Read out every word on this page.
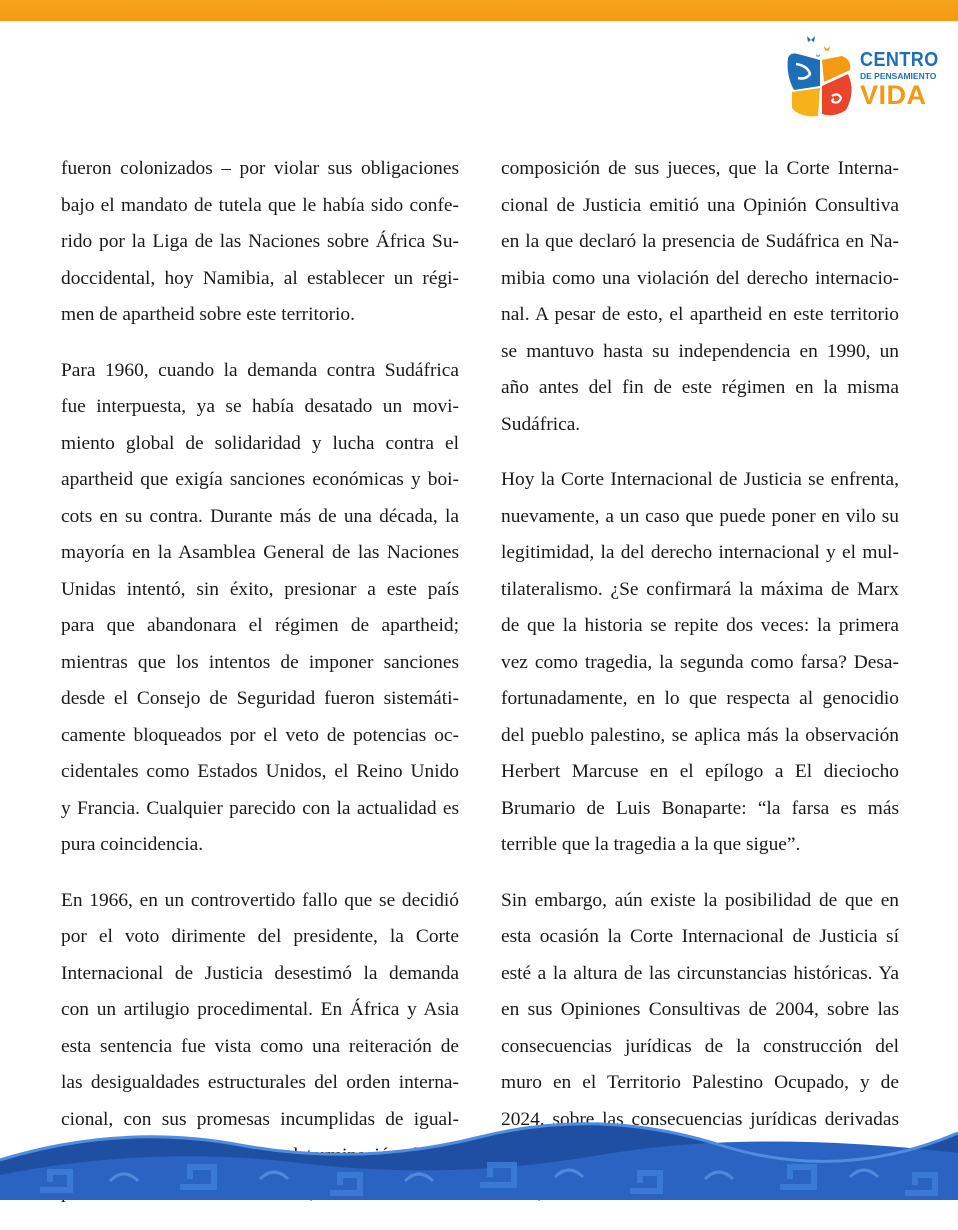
CENTRO
DE PENSAMIENTO
VIDA

fueron colonizados – por violar sus obligaciones
bajo el mandato de tutela que le había sido confe-
rido por la Liga de las Naciones sobre África Su-
doccidental, hoy Namibia, al establecer un régi-
men de apartheid sobre este territorio.

Para 1960, cuando la demanda contra Sudáfrica
fue interpuesta, ya se había desatado un movi-
miento global de solidaridad y lucha contra el
apartheid que exigía sanciones económicas y boi-
cots en su contra. Durante más de una década, la
mayoría en la Asamblea General de las Naciones
Unidas intentó, sin éxito, presionar a este país
para que abandonara el régimen de apartheid;
mientras que los intentos de imponer sanciones
desde el Consejo de Seguridad fueron sistemáti-
camente bloqueados por el veto de potencias oc-
cidentales como Estados Unidos, el Reino Unido
y Francia. Cualquier parecido con la actualidad es
pura coincidencia.

En 1966, en un controvertido fallo que se decidió
por el voto dirimente del presidente, la Corte
Internacional de Justicia desestimó la demanda
con un artilugio procedimental. En África y Asia
esta sentencia fue vista como una reiteración de
las desigualdades estructurales del orden interna-
cional, con sus promesas incumplidas de igual-

composición de sus jueces, que la Corte Interna-
cional de Justicia emitió una Opinión Consultiva
en la que declaró la presencia de Sudáfrica en Na-
mibia como una violación del derecho internacio-
nal. A pesar de esto, el apartheid en este territorio
se mantuvo hasta su independencia en 1990, un
año antes del fin de este régimen en la misma
Sudáfrica.

Hoy la Corte Internacional de Justicia se enfrenta,
nuevamente, a un caso que puede poner en vilo su
legitimidad, la del derecho internacional y el mul-
tilateralismo. ¿Se confirmará la máxima de Marx
de que la historia se repite dos veces: la primera
vez como tragedia, la segunda como farsa? Desa-
fortunadamente, en lo que respecta al genocidio
del pueblo palestino, se aplica más la observación
Herbert Marcuse en el epílogo a El dieciocho
Brumario de Luis Bonaparte: “la farsa es más
terrible que la tragedia a la que sigue”.

Sin embargo, aún existe la posibilidad de que en
esta ocasión la Corte Internacional de Justicia sí
esté a la altura de las circunstancias históricas. Ya
en sus Opiniones Consultivas de 2004, sobre las
consecuencias jurídicas de la construcción del
muro en el Territorio Palestino Ocupado, y de
2024, sobre las consecuencias jurídicas derivadas
